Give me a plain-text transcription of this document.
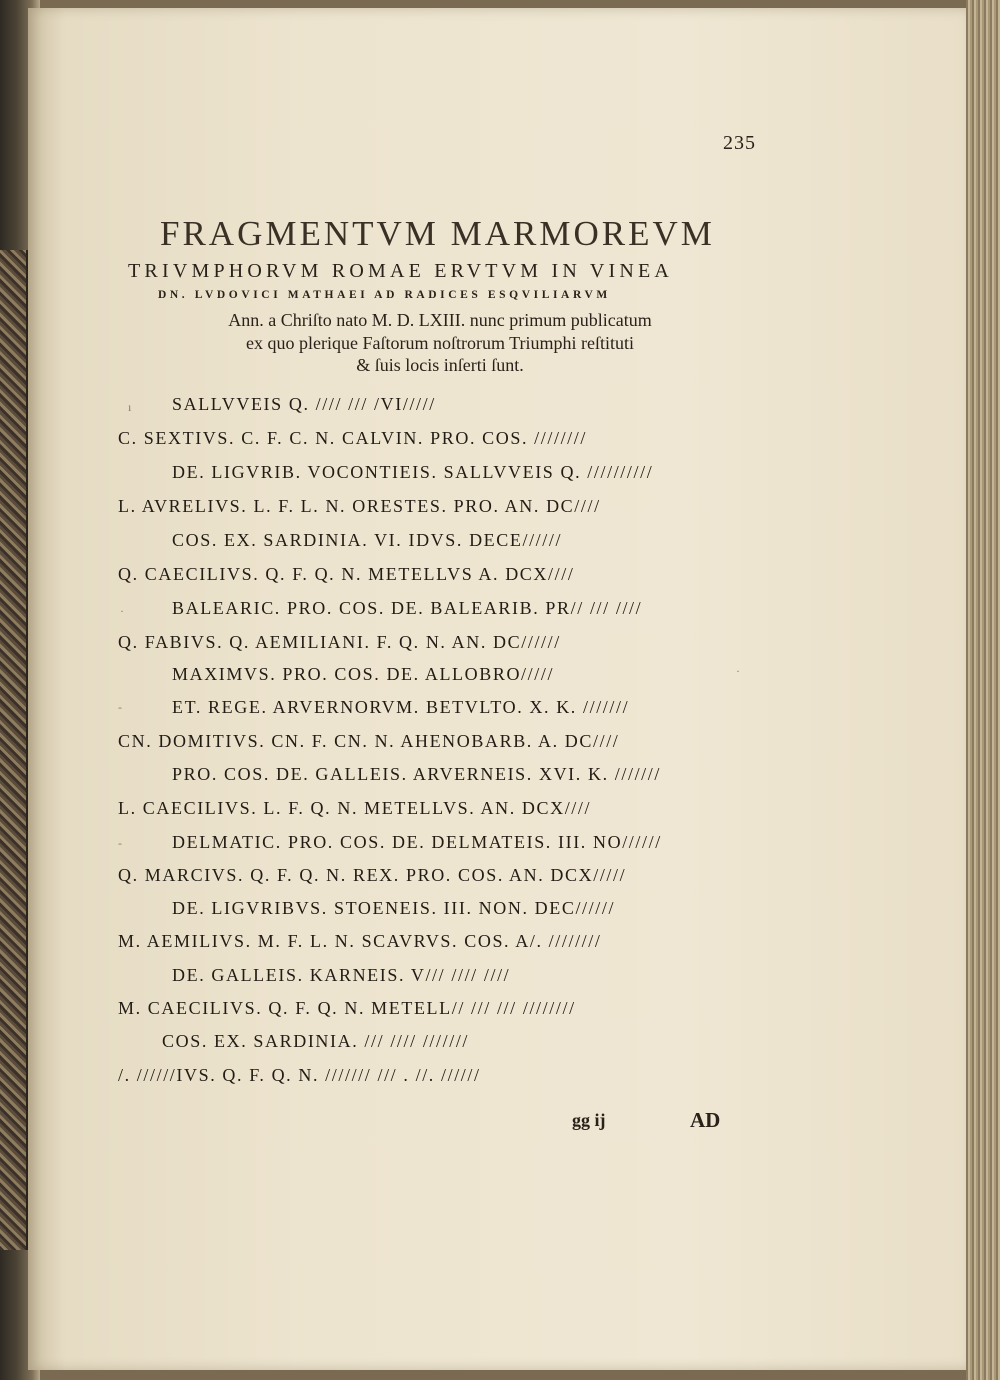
235
FRAGMENTVM MARMOREVM
TRIVMPHORVM ROMAE ERVTVM IN VINEA
DN. LVDOVICI MATHAEI AD RADICES ESQVILIARVM
Ann. a Chriſto nato M. D. LXIII. nunc primum publicatum
ex quo plerique Faſtorum noſtrorum Triumphi reſtituti
& ſuis locis inſerti ſunt.
SALLVVEIS Q. //// /// /VI/////
C. SEXTIVS. C. F. C. N. CALVIN. PRO. COS. ////////
DE. LIGVRIB. VOCONTIEIS. SALLVVEIS Q. //////////
L. AVRELIVS. L. F. L. N. ORESTES. PRO. AN. DC////
COS. EX. SARDINIA. VI. IDVS. DECE//////
Q. CAECILIVS. Q. F. Q. N. METELLVS A. DCX////
BALEARIC. PRO. COS. DE. BALEARIB. PR// /// ////
Q. FABIVS. Q. AEMILIANI. F. Q. N. AN. DC//////
MAXIMVS. PRO. COS. DE. ALLOBRO/////
ET. REGE. ARVERNORVM. BETVLTO. X. K. ///////
CN. DOMITIVS. CN. F. CN. N. AHENOBARB. A. DC////
PRO. COS. DE. GALLEIS. ARVERNEIS. XVI. K. ///////
L. CAECILIVS. L. F. Q. N. METELLVS. AN. DCX////
DELMATIC. PRO. COS. DE. DELMATEIS. III. NO//////
Q. MARCIVS. Q. F. Q. N. REX. PRO. COS. AN. DCX/////
DE. LIGVRIBVS. STOENEIS. III. NON. DEC//////
M. AEMILIVS. M. F. L. N. SCAVRVS. COS. A/. ////////
DE. GALLEIS. KARNEIS. V/// //// ////
M. CAECILIVS. Q. F. Q. N. METELL// /// /// ////////
COS. EX. SARDINIA. /// //// ///////
/. //////IVS. Q. F. Q. N. /////// /// . //. //////
ı
·
-
-
·
gg ij	AD
